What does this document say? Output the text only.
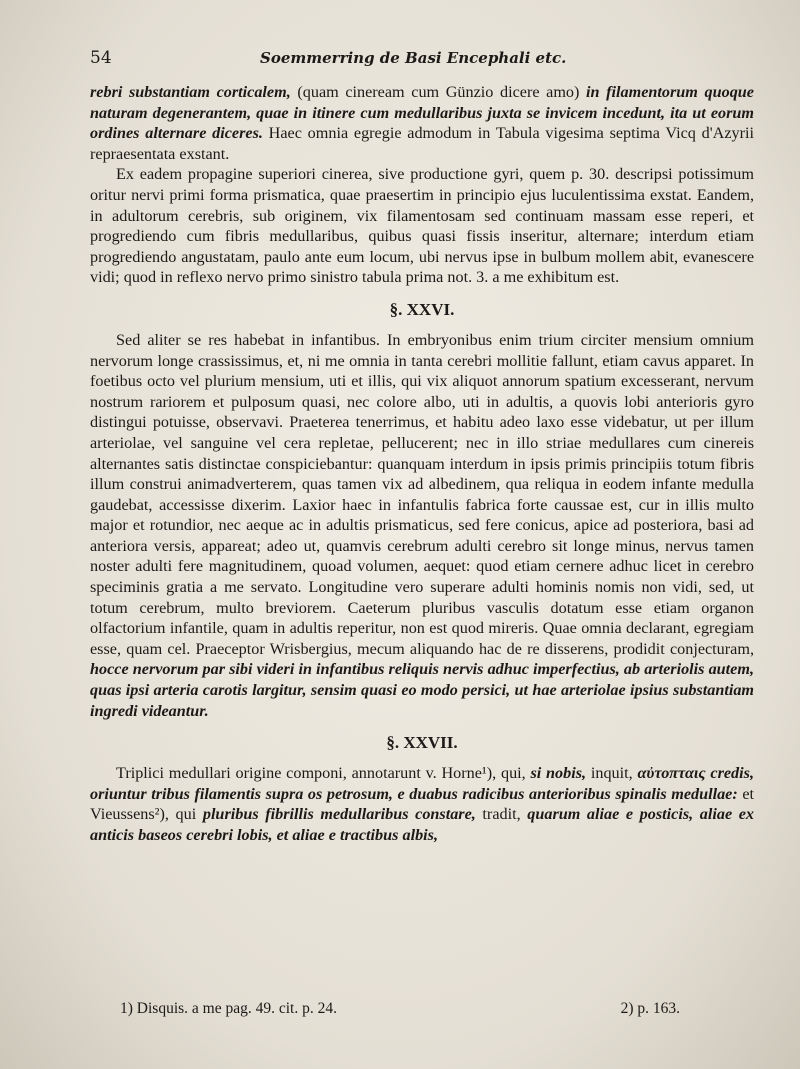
54	Soemmerring de Basi Encephali etc.

rebri substantiam corticalem, (quam cineream cum Günzio dicere amo) in filamentorum quoque naturam degenerantem, quae in itinere cum medullaribus juxta se invicem incedunt, ita ut eorum ordines alternare diceres. Haec omnia egregie admodum in Tabula vigesima septima Vicq d'Azyrii repraesentata exstant.

Ex eadem propagine superiori cinerea, sive productione gyri, quem p. 30. descripsi potissimum oritur nervi primi forma prismatica, quae praesertim in principio ejus luculentissima exstat. Eandem, in adultorum cerebris, sub originem, vix filamentosam sed continuam massam esse reperi, et progrediendo cum fibris medullaribus, quibus quasi fissis inseritur, alternare; interdum etiam progrediendo angustatam, paulo ante eum locum, ubi nervus ipse in bulbum mollem abit, evanescere vidi; quod in reflexo nervo primo sinistro tabula prima not. 3. a me exhibitum est.

§. XXVI.

Sed aliter se res habebat in infantibus. In embryonibus enim trium circiter mensium omnium nervorum longe crassissimus, et, ni me omnia in tanta cerebri mollitie fallunt, etiam cavus apparet. In foetibus octo vel plurium mensium, uti et illis, qui vix aliquot annorum spatium excesserant, nervum nostrum rariorem et pulposum quasi, nec colore albo, uti in adultis, a quovis lobi anterioris gyro distingui potuisse, observavi. Praeterea tenerrimus, et habitu adeo laxo esse videbatur, ut per illum arteriolae, vel sanguine vel cera repletae, pellucerent; nec in illo striae medullares cum cinereis alternantes satis distinctae conspiciebantur: quanquam interdum in ipsis primis principiis totum fibris illum construi animadverterem, quas tamen vix ad albedinem, qua reliqua in eodem infante medulla gaudebat, accessisse dixerim. Laxior haec in infantulis fabrica forte caussae est, cur in illis multo major et rotundior, nec aeque ac in adultis prismaticus, sed fere conicus, apice ad posteriora, basi ad anteriora versis, appareat; adeo ut, quamvis cerebrum adulti cerebro sit longe minus, nervus tamen noster adulti fere magnitudinem, quoad volumen, aequet: quod etiam cernere adhuc licet in cerebro speciminis gratia a me servato. Longitudine vero superare adulti hominis nomis non vidi, sed, ut totum cerebrum, multo breviorem. Caeterum pluribus vasculis dotatum esse etiam organon olfactorium infantile, quam in adultis reperitur, non est quod mireris. Quae omnia declarant, egregiam esse, quam cel. Praeceptor Wrisbergius, mecum aliquando hac de re disserens, prodidit conjecturam, hocce nervorum par sibi videri in infantibus reliquis nervis adhuc imperfectius, ab arteriolis autem, quas ipsi arteria carotis largitur, sensim quasi eo modo persici, ut hae arteriolae ipsius substantiam ingredi videantur.

§. XXVII.

Triplici medullari origine componi, annotarunt v. Horne¹), qui, si nobis, inquit, αὐτοπταις credis, oriuntur tribus filamentis supra os petrosum, e duabus radicibus anterioribus spinalis medullae: et Vieussens²), qui pluribus fibrillis medullaribus constare, tradit, quarum aliae e posticis, aliae ex anticis baseos cerebri lobis, et aliae e tractibus albis,

1) Disquis. a me pag. 49. cit. p. 24.	2) p. 163.
